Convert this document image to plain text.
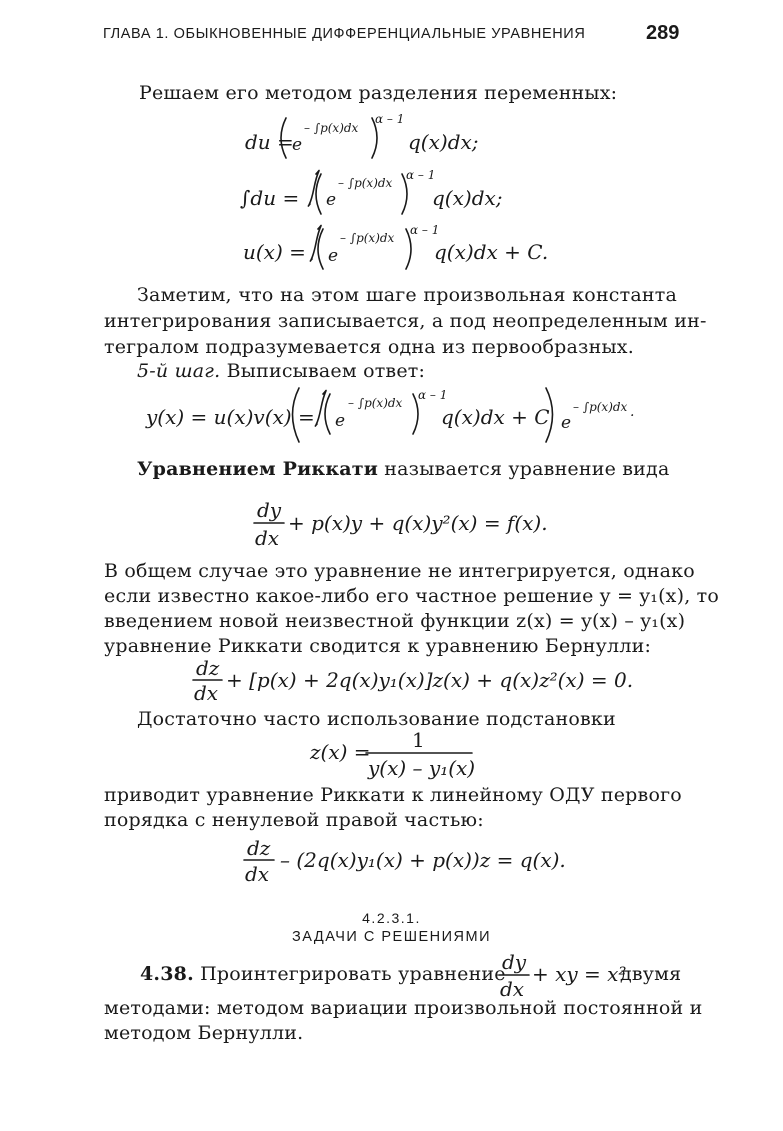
ГЛАВА 1. ОБЫКНОВЕННЫЕ ДИФФЕРЕНЦИАЛЬНЫЕ УРАВНЕНИЯ	289
Решаем его методом разделения переменных:
du =
e
– ∫p(x)dx
α – 1
q(x)dx;
∫du = e
– ∫p(x)dx
α – 1
q(x)dx;
u(x) = e
– ∫p(x)dx
α – 1
q(x)dx + C.
Заметим, что на этом шаге произвольная константа
интегрирования записывается, а под неопределенным ин-
тегралом подразумевается одна из первообразных.
5-й шаг. Выписываем ответ:
y(x) = u(x)v(x) = e
– ∫p(x)dx
α – 1
q(x)dx + C e
– ∫p(x)dx .
Уравнением Риккати называется уравнение вида
dy
dx
+ p(x)y + q(x)y²(x) = f(x).
В общем случае это уравнение не интегрируется, однако
если известно какое-либо его частное решение y = y₁(x), то
введением новой неизвестной функции z(x) = y(x) – y₁(x)
уравнение Риккати сводится к уравнению Бернулли:
dz
dx
+ [p(x) + 2q(x)y₁(x)]z(x) + q(x)z²(x) = 0.
Достаточно часто использование подстановки
z(x) = 1
y(x) – y₁(x)
приводит уравнение Риккати к линейному ОДУ первого
порядка с ненулевой правой частью:
dz
dx
– (2q(x)y₁(x) + p(x))z = q(x).
4.2.3.1.
ЗАДАЧИ С РЕШЕНИЯМИ
4.38. Проинтегрировать уравнение
dy
dx
+ xy = x²
двумя
методами: методом вариации произвольной постоянной и
методом Бернулли.
